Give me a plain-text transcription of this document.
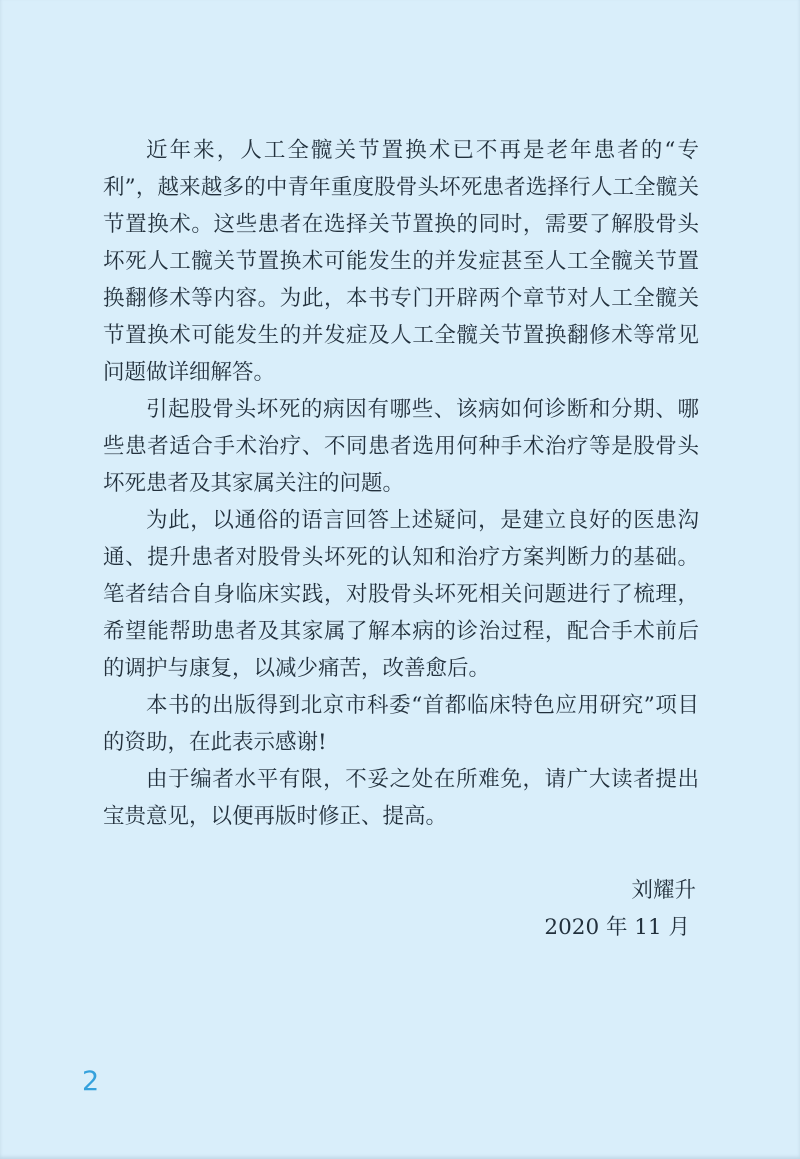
近年来，人工全髋关节置换术已不再是老年患者的“专利”，越来越多的中青年重度股骨头坏死患者选择行人工全髋关节置换术。这些患者在选择关节置换的同时，需要了解股骨头坏死人工髋关节置换术可能发生的并发症甚至人工全髋关节置换翻修术等内容。为此，本书专门开辟两个章节对人工全髋关节置换术可能发生的并发症及人工全髋关节置换翻修术等常见问题做详细解答。

引起股骨头坏死的病因有哪些、该病如何诊断和分期、哪些患者适合手术治疗、不同患者选用何种手术治疗等是股骨头坏死患者及其家属关注的问题。

为此，以通俗的语言回答上述疑问，是建立良好的医患沟通、提升患者对股骨头坏死的认知和治疗方案判断力的基础。笔者结合自身临床实践，对股骨头坏死相关问题进行了梳理，希望能帮助患者及其家属了解本病的诊治过程，配合手术前后的调护与康复，以减少痛苦，改善愈后。

本书的出版得到北京市科委“首都临床特色应用研究”项目的资助，在此表示感谢!

由于编者水平有限，不妥之处在所难免，请广大读者提出宝贵意见，以便再版时修正、提高。

刘耀升
2020 年 11 月
2
